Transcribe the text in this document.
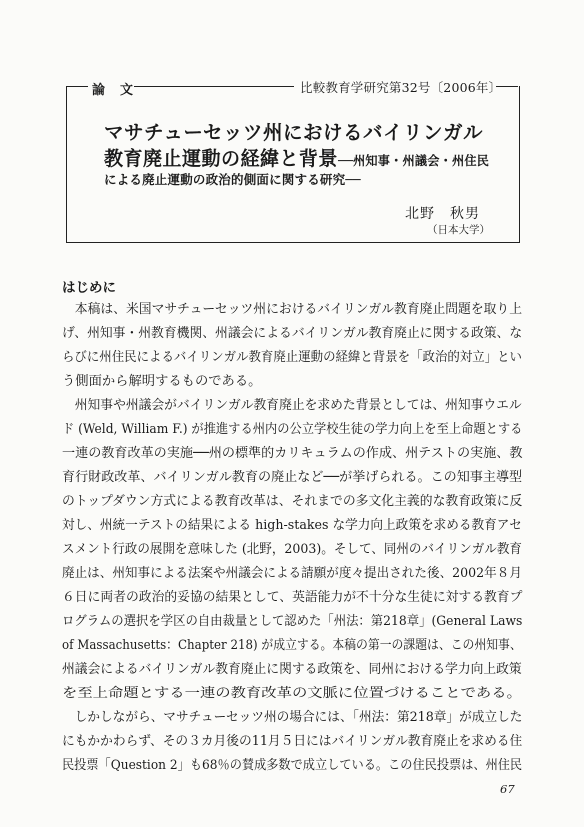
論　文	比較教育学研究第32号〔2006年〕
マサチューセッツ州におけるバイリンガル
教育廃止運動の経緯と背景──州知事・州議会・州住民
による廃止運動の政治的側面に関する研究──
北野　秋男
（日本大学）
はじめに
　本稿は、米国マサチューセッツ州におけるバイリンガル教育廃止問題を取り上
げ、州知事・州教育機関、州議会によるバイリンガル教育廃止に関する政策、な
らびに州住民によるバイリンガル教育廃止運動の経緯と背景を「政治的対立」とい
う側面から解明するものである。
　州知事や州議会がバイリンガル教育廃止を求めた背景としては、州知事ウエル
ド (Weld, William F.) が推進する州内の公立学校生徒の学力向上を至上命題とする
一連の教育改革の実施──州の標準的カリキュラムの作成、州テストの実施、教
育行財政改革、バイリンガル教育の廃止など──が挙げられる。この知事主導型
のトップダウン方式による教育改革は、それまでの多文化主義的な教育政策に反
対し、州統一テストの結果による high-stakes な学力向上政策を求める教育アセ
スメント行政の展開を意味した (北野，2003)。そして、同州のバイリンガル教育
廃止は、州知事による法案や州議会による請願が度々提出された後、2002年８月
６日に両者の政治的妥協の結果として、英語能力が不十分な生徒に対する教育プ
ログラムの選択を学区の自由裁量として認めた「州法：第218章」(General Laws
of Massachusetts：Chapter 218) が成立する。本稿の第一の課題は、この州知事、
州議会によるバイリンガル教育廃止に関する政策を、同州における学力向上政策
を至上命題とする一連の教育改革の文脈に位置づけることである。
　しかしながら、マサチューセッツ州の場合には、「州法：第218章」が成立した
にもかかわらず、その３カ月後の11月５日にはバイリンガル教育廃止を求める住
民投票「Question 2」も68％の賛成多数で成立している。この住民投票は、州住民
67
